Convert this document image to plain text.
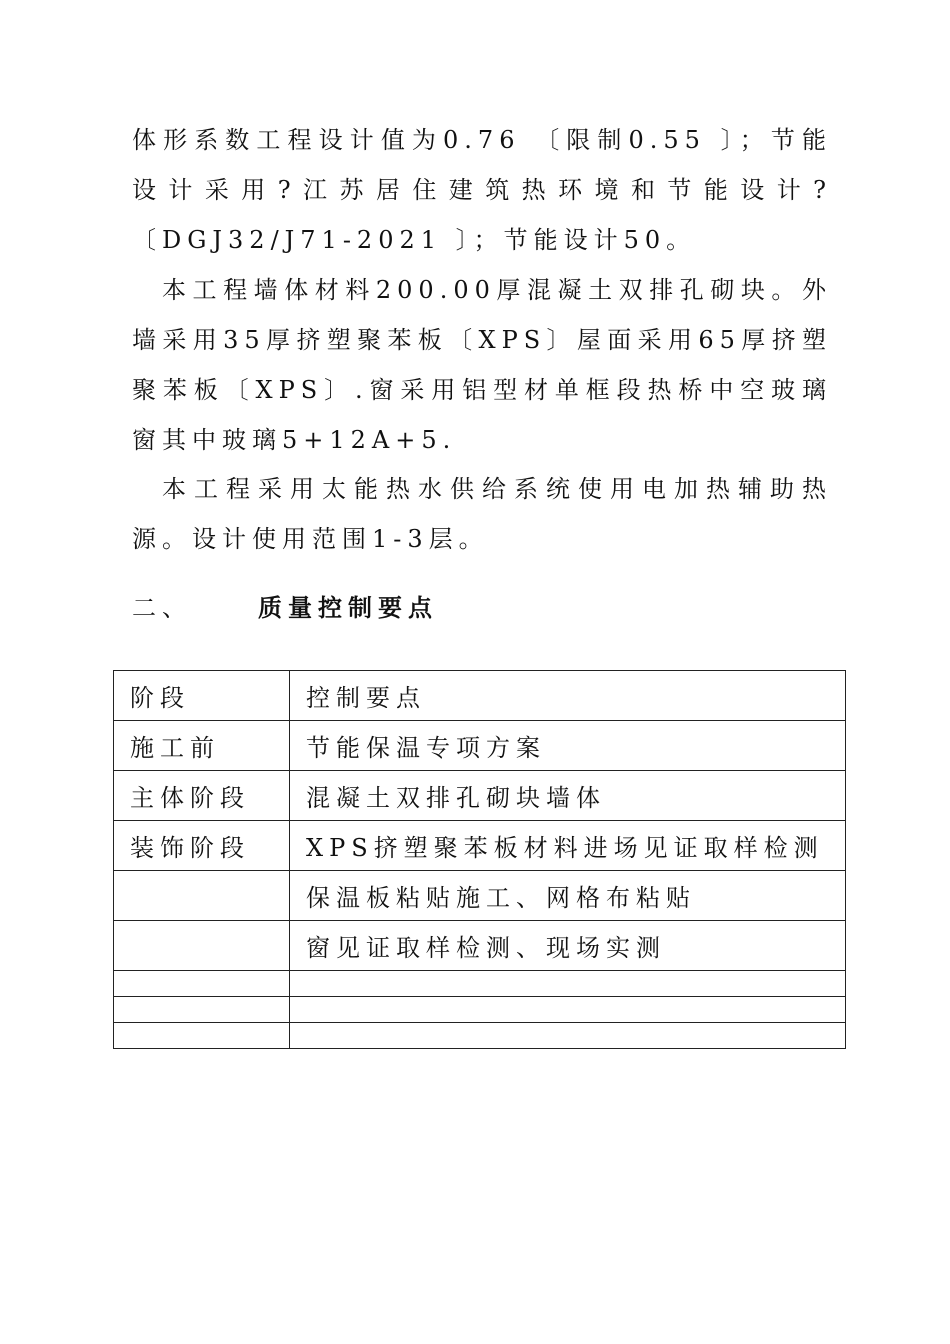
体形系数工程设计值为0.76 〔限制0.55 〕；节能设计采用?江苏居住建筑热环境和节能设计?〔DGJ32/J71-2021 〕；节能设计50。

本工程墙体材料200.00厚混凝土双排孔砌块。外墙采用35厚挤塑聚苯板〔XPS〕屋面采用65厚挤塑聚苯板〔XPS〕.窗采用铝型材单框段热桥中空玻璃窗其中玻璃5+12A+5.

本工程采用太能热水供给系统使用电加热辅助热源。设计使用范围1-3层。

二、	质量控制要点
阶段	控制要点
施工前	节能保温专项方案
主体阶段	混凝土双排孔砌块墙体
装饰阶段	XPS挤塑聚苯板材料进场见证取样检测
	保温板粘贴施工、网格布粘贴
	窗见证取样检测、现场实测
